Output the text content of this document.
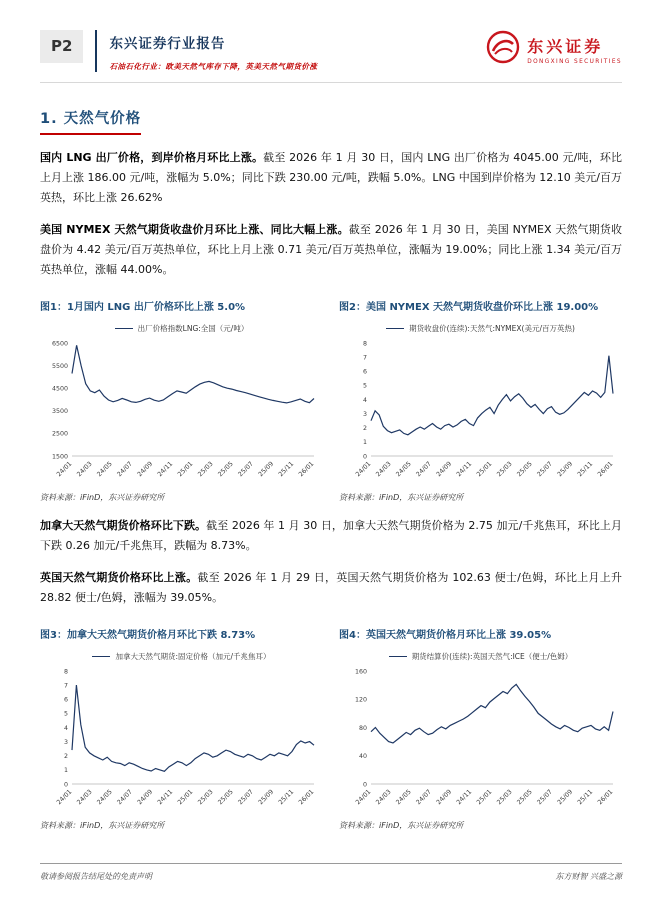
P2	东兴证券行业报告
石油石化行业：欧美天然气库存下降，英美天然气期货价涨
东兴证券
DONGXING SECURITIES
1. 天然气价格

国内 LNG 出厂价格，到岸价格月环比上涨。截至 2026 年 1 月 30 日，国内 LNG 出厂价格为 4045.00 元/吨，环比上月上涨 186.00 元/吨，涨幅为 5.0%；同比下跌 230.00 元/吨，跌幅 5.0%。LNG 中国到岸价格为 12.10 美元/百万英热，环比上涨 26.62%

美国 NYMEX 天然气期货收盘价月环比上涨、同比大幅上涨。截至 2026 年 1 月 30 日，美国 NYMEX 天然气期货收盘价为 4.42 美元/百万英热单位，环比上月上涨 0.71 美元/百万英热单位，涨幅为 19.00%；同比上涨 1.34 美元/百万英热单位，涨幅 44.00%。

图1：1月国内 LNG 出厂价格环比上涨 5.0%
出厂价格指数LNG:全国（元/吨）
1500
2500
3500
4500
5500
6500
24/01 24/03 24/05 24/07 24/09 24/11 25/01 25/03 25/05 25/07 25/09 25/11 26/01
资料来源：iFinD，东兴证券研究所
图2：美国 NYMEX 天然气期货收盘价环比上涨 19.00%
期货收盘价(连续):天然气:NYMEX(美元/百万英热)
0
1
2
3
4
5
6
7
8
24/01 24/03 24/05 24/07 24/09 24/11 25/01 25/03 25/05 25/07 25/09 25/11 26/01
资料来源：iFinD，东兴证券研究所

加拿大天然气期货价格环比下跌。截至 2026 年 1 月 30 日，加拿大天然气期货价格为 2.75 加元/千兆焦耳，环比上月下跌 0.26 加元/千兆焦耳，跌幅为 8.73%。

英国天然气期货价格环比上涨。截至 2026 年 1 月 29 日，英国天然气期货价格为 102.63 便士/色姆，环比上月上升 28.82 便士/色姆，涨幅为 39.05%。

图3：加拿大天然气期货价格月环比下跌 8.73%
加拿大天然气期货:固定价格（加元/千兆焦耳）
0
1
2
3
4
5
6
7
8
24/01 24/03 24/05 24/07 24/09 24/11 25/01 25/03 25/05 25/07 25/09 25/11 26/01
资料来源：iFinD，东兴证券研究所
图4：英国天然气期货价格月环比上涨 39.05%
期货结算价(连续):英国天然气:ICE（便士/色姆）
0
40
80
120
160
24/01 24/03 24/05 24/07 24/09 24/11 25/01 25/03 25/05 25/07 25/09 25/11 26/01
资料来源：iFinD，东兴证券研究所
敬请参阅报告结尾处的免责声明	东方财智 兴盛之源
